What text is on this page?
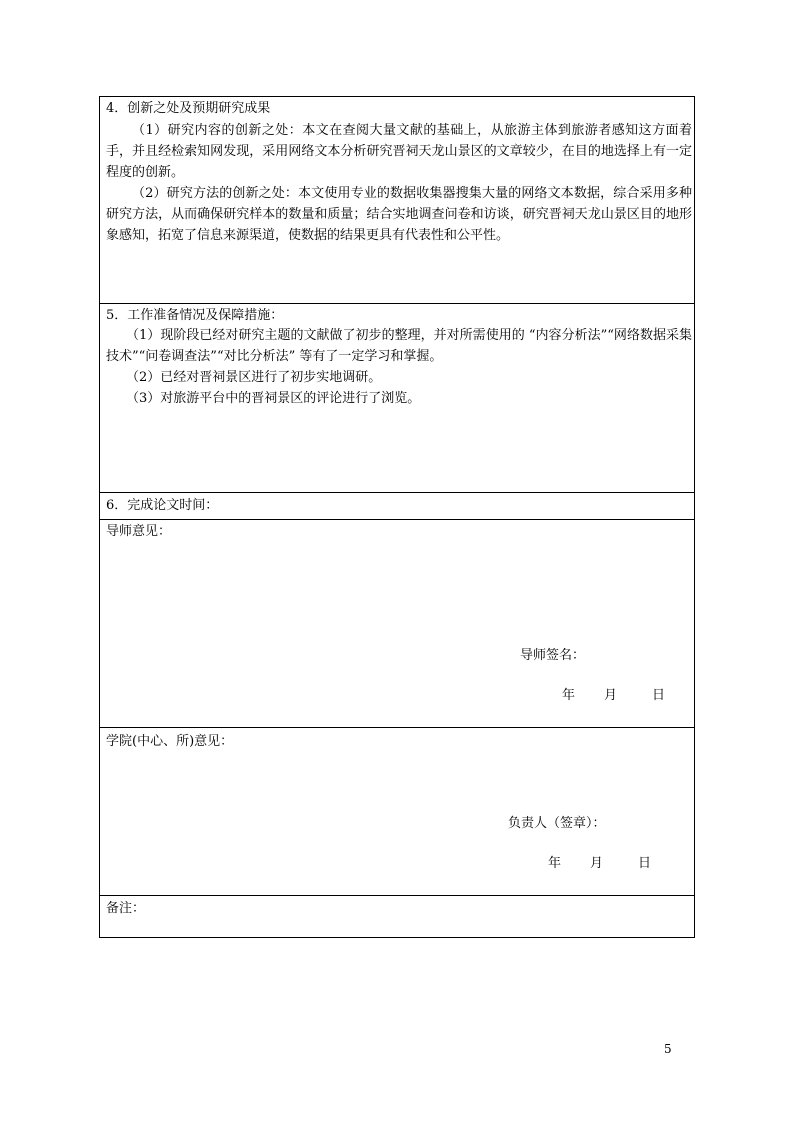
4．创新之处及预期研究成果
（1）研究内容的创新之处：本文在查阅大量文献的基础上，从旅游主体到旅游者感知这方面着手，并且经检索知网发现，采用网络文本分析研究晋祠天龙山景区的文章较少，在目的地选择上有一定程度的创新。
（2）研究方法的创新之处：本文使用专业的数据收集器搜集大量的网络文本数据，综合采用多种研究方法，从而确保研究样本的数量和质量；结合实地调查问卷和访谈，研究晋祠天龙山景区目的地形象感知，拓宽了信息来源渠道，使数据的结果更具有代表性和公平性。
5．工作准备情况及保障措施：
（1）现阶段已经对研究主题的文献做了初步的整理，并对所需使用的 “内容分析法”“网络数据采集技术”“问卷调查法”“对比分析法” 等有了一定学习和掌握。
（2）已经对晋祠景区进行了初步实地调研。
（3）对旅游平台中的晋祠景区的评论进行了浏览。
6．完成论文时间：
导师意见：
导师签名：
年 月	日
学院(中心、所)意见：
负责人（签章）：
年 月	日
备注：
5
